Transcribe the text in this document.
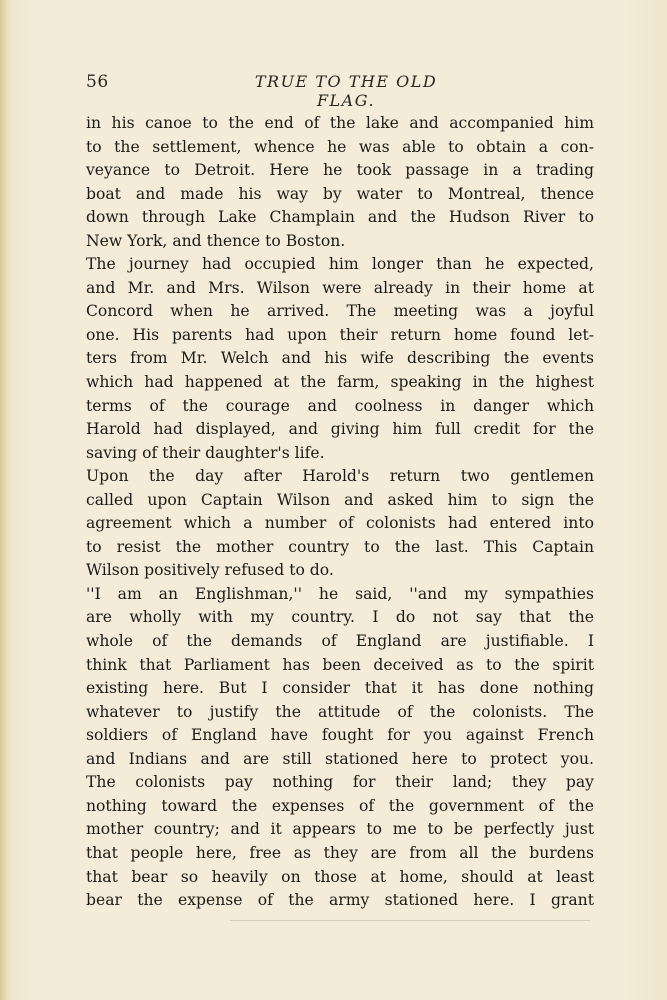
56	TRUE TO THE OLD FLAG.
in his canoe to the end of the lake and accompanied him
to the settlement, whence he was able to obtain a con-
veyance to Detroit. Here he took passage in a trading
boat and made his way by water to Montreal, thence
down through Lake Champlain and the Hudson River to
New York, and thence to Boston.
The journey had occupied him longer than he expected,
and Mr. and Mrs. Wilson were already in their home at
Concord when he arrived. The meeting was a joyful
one. His parents had upon their return home found let-
ters from Mr. Welch and his wife describing the events
which had happened at the farm, speaking in the highest
terms of the courage and coolness in danger which
Harold had displayed, and giving him full credit for the
saving of their daughter's life.
Upon the day after Harold's return two gentlemen
called upon Captain Wilson and asked him to sign the
agreement which a number of colonists had entered into
to resist the mother country to the last. This Captain
Wilson positively refused to do.
''I am an Englishman,'' he said, ''and my sympathies
are wholly with my country. I do not say that the
whole of the demands of England are justifiable. I
think that Parliament has been deceived as to the spirit
existing here. But I consider that it has done nothing
whatever to justify the attitude of the colonists. The
soldiers of England have fought for you against French
and Indians and are still stationed here to protect you.
The colonists pay nothing for their land; they pay
nothing toward the expenses of the government of the
mother country; and it appears to me to be perfectly just
that people here, free as they are from all the burdens
that bear so heavily on those at home, should at least
bear the expense of the army stationed here. I grant
